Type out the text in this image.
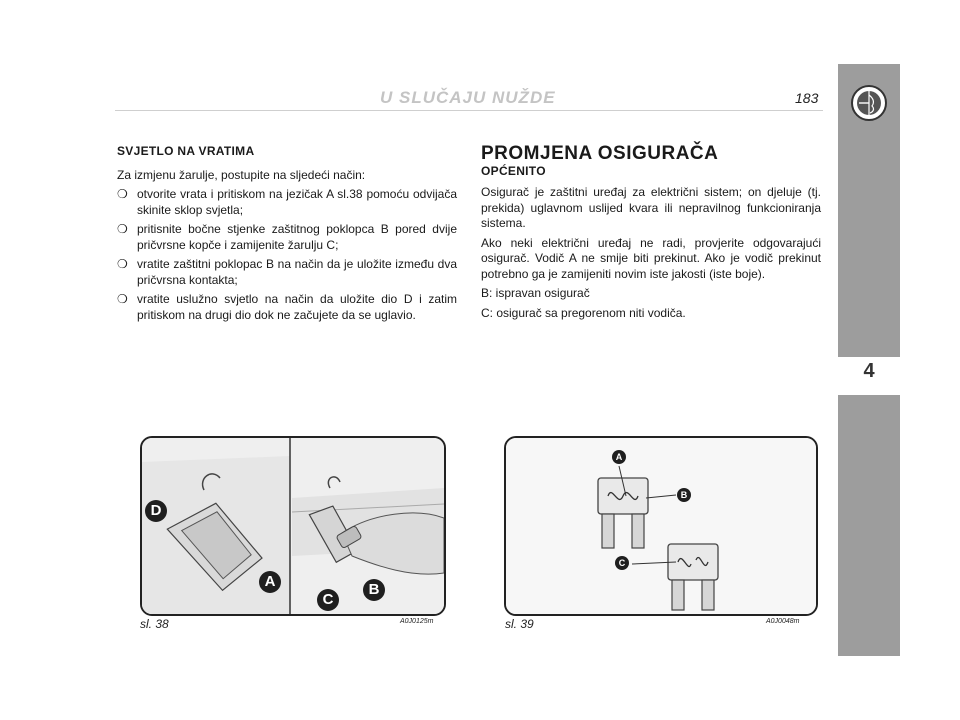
U SLUČAJU NUŽDE	183
4
SVJETLO NA VRATIMA

Za izmjenu žarulje, postupite na sljedeći način:

❍ otvorite vrata i pritiskom na jezičak A sl.38 pomoću odvijača skinite sklop svjetla;
❍ pritisnite bočne stjenke zaštitnog poklopca B pored dvije pričvrsne kopče i zamijenite žarulju C;
❍ vratite zaštitni poklopac B na način da je uložite između dva pričvrsna kontakta;
❍ vratite uslužno svjetlo na način da uložite dio D i zatim pritiskom na drugi dio dok ne začujete da se uglavio.
PROMJENA OSIGURAČA
OPĆENITO

Osigurač je zaštitni uređaj za električni sistem; on djeluje (tj. prekida) uglavnom uslijed kvara ili nepravilnog funkcioniranja sistema.

Ako neki električni uređaj ne radi, provjerite odgovarajući osigurač. Vodič A ne smije biti prekinut. Ako je vodič prekinut potrebno ga je zamijeniti novim iste jakosti (iste boje).

B: ispravan osigurač

C: osigurač sa pregorenom niti vodiča.

D
A
C
B
sl. 38	A0J0125m
A
B
C
sl. 39	A0J0048m
